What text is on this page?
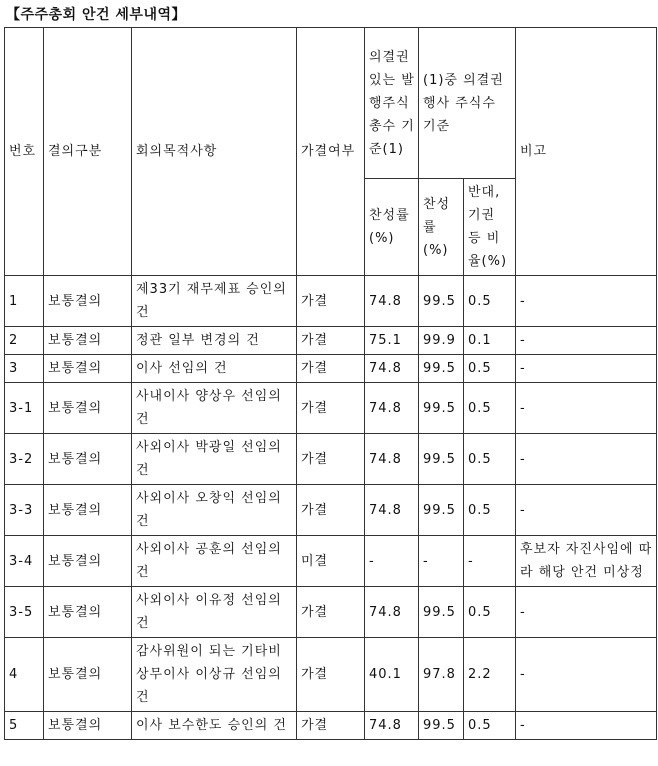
【주주총회 안건 세부내역】
번호	결의구분	회의목적사항	가결여부	의결권 있는 발행주식 총수 기준(1)	(1)중 의결권 행사 주식수 기준		비고
				찬성률(%)	찬성률(%)	반대, 기권 등 비율(%)	
1	보통결의	제33기 재무제표 승인의 건	가결	74.8	99.5	0.5	-
2	보통결의	정관 일부 변경의 건	가결	75.1	99.9	0.1	-
3	보통결의	이사 선임의 건	가결	74.8	99.5	0.5	-
3-1	보통결의	사내이사 양상우 선임의 건	가결	74.8	99.5	0.5	-
3-2	보통결의	사외이사 박광일 선임의 건	가결	74.8	99.5	0.5	-
3-3	보통결의	사외이사 오창익 선임의 건	가결	74.8	99.5	0.5	-
3-4	보통결의	사외이사 공훈의 선임의 건	미결	-	-	-	후보자 자진사임에 따라 해당 안건 미상정
3-5	보통결의	사외이사 이유정 선임의 건	가결	74.8	99.5	0.5	-
4	보통결의	감사위원이 되는 기타비상무이사 이상규 선임의 건	가결	40.1	97.8	2.2	-
5	보통결의	이사 보수한도 승인의 건	가결	74.8	99.5	0.5	-
